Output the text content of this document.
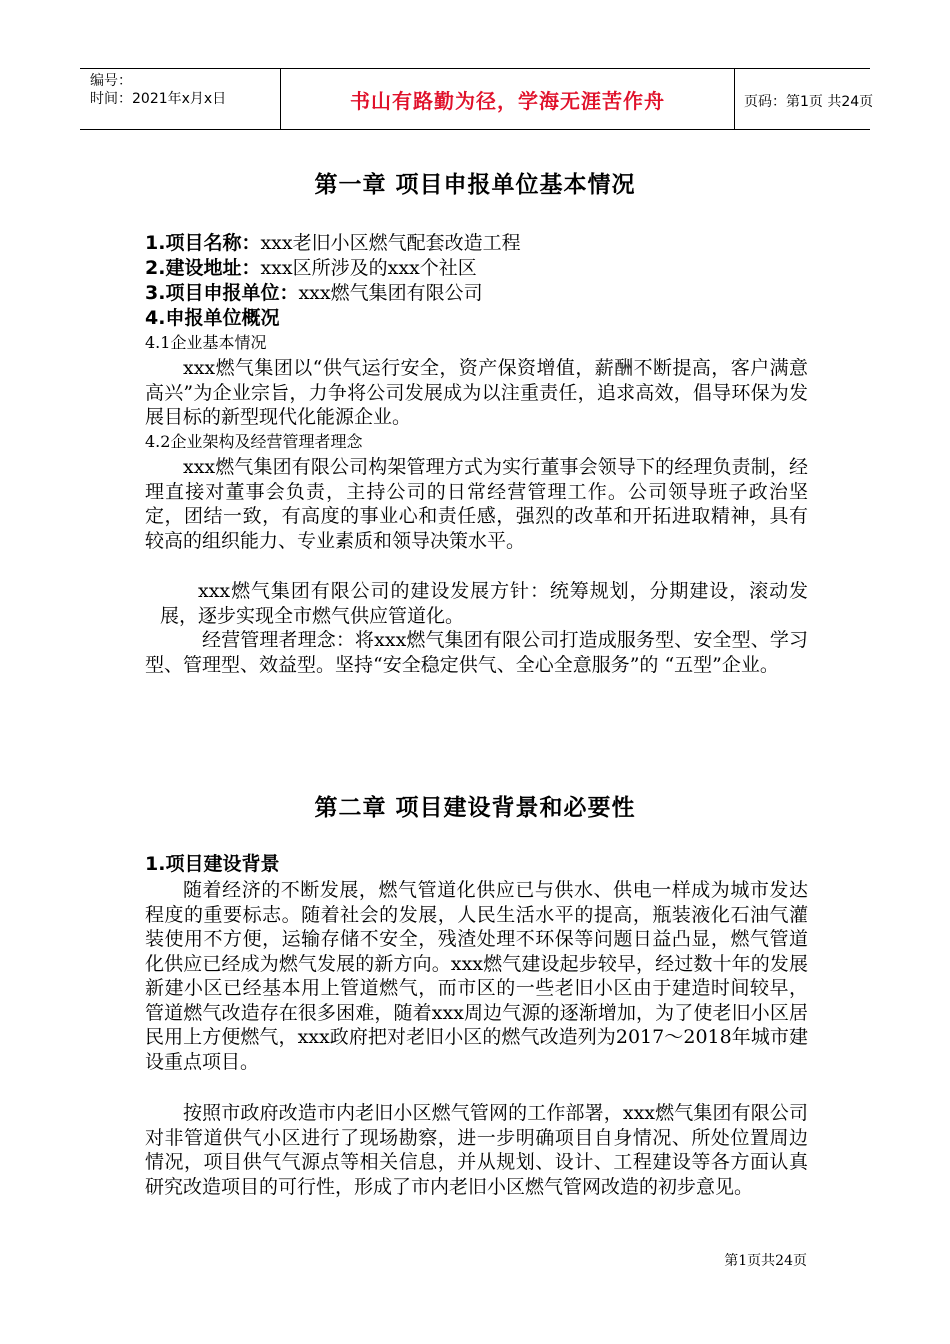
编号：
时间：2021年x月x日	书山有路勤为径，学海无涯苦作舟	页码：第1页 共24页
第一章 项目申报单位基本情况
1.项目名称：xxx老旧小区燃气配套改造工程
2.建设地址：xxx区所涉及的xxx个社区
3.项目申报单位：xxx燃气集团有限公司
4.申报单位概况
4.1企业基本情况

xxx燃气集团以“供气运行安全，资产保资增值，薪酬不断提高，客户满意高兴”为企业宗旨，力争将公司发展成为以注重责任，追求高效，倡导环保为发展目标的新型现代化能源企业。

4.2企业架构及经营管理者理念

xxx燃气集团有限公司构架管理方式为实行董事会领导下的经理负责制，经理直接对董事会负责，主持公司的日常经营管理工作。公司领导班子政治坚定，团结一致，有高度的事业心和责任感，强烈的改革和开拓进取精神，具有较高的组织能力、专业素质和领导决策水平。

xxx燃气集团有限公司的建设发展方针：统筹规划，分期建设，滚动发展，逐步实现全市燃气供应管道化。

经营管理者理念：将xxx燃气集团有限公司打造成服务型、安全型、学习型、管理型、效益型。坚持“安全稳定供气、全心全意服务”的 “五型”企业。

第二章 项目建设背景和必要性
1.项目建设背景

随着经济的不断发展，燃气管道化供应已与供水、供电一样成为城市发达程度的重要标志。随着社会的发展，人民生活水平的提高，瓶装液化石油气灌装使用不方便，运输存储不安全，残渣处理不环保等问题日益凸显，燃气管道化供应已经成为燃气发展的新方向。xxx燃气建设起步较早，经过数十年的发展新建小区已经基本用上管道燃气，而市区的一些老旧小区由于建造时间较早，管道燃气改造存在很多困难，随着xxx周边气源的逐渐增加，为了使老旧小区居民用上方便燃气，xxx政府把对老旧小区的燃气改造列为2017～2018年城市建设重点项目。

按照市政府改造市内老旧小区燃气管网的工作部署，xxx燃气集团有限公司对非管道供气小区进行了现场勘察，进一步明确项目自身情况、所处位置周边情况，项目供气气源点等相关信息，并从规划、设计、工程建设等各方面认真研究改造项目的可行性，形成了市内老旧小区燃气管网改造的初步意见。

第1页共24页
